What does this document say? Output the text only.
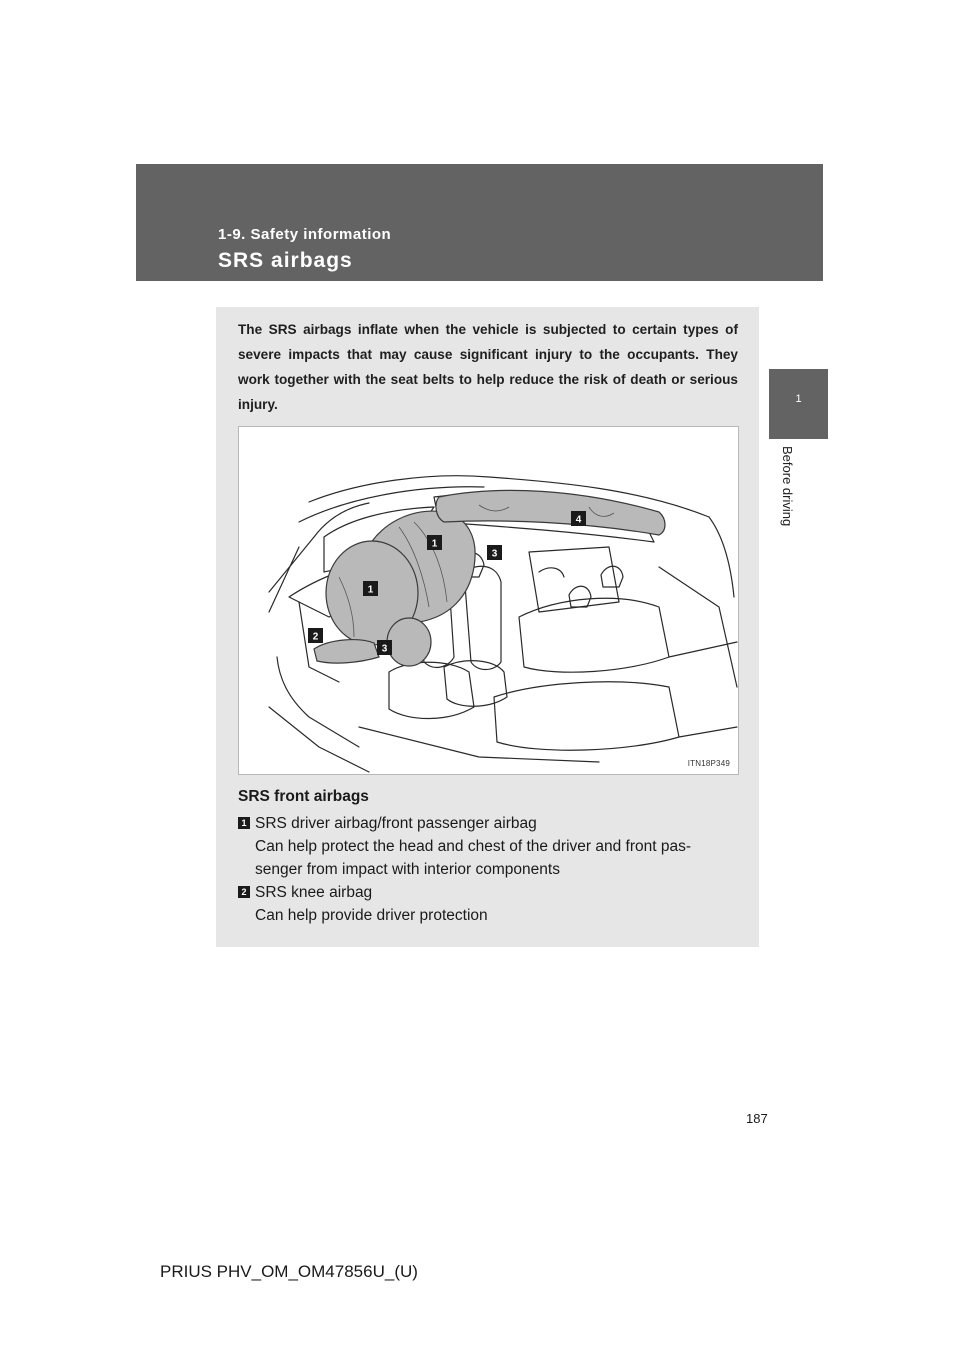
1-9. Safety information
SRS airbags
1
Before driving
The SRS airbags inflate when the vehicle is subjected to certain types of severe impacts that may cause significant injury to the occupants. They work together with the seat belts to help reduce the risk of death or serious injury.
1
1
2
3
3
4
ITN18P349
SRS front airbags
1 SRS driver airbag/front passenger airbag
Can help protect the head and chest of the driver and front pas-
senger from impact with interior components
2 SRS knee airbag
Can help provide driver protection
187
PRIUS PHV_OM_OM47856U_(U)
